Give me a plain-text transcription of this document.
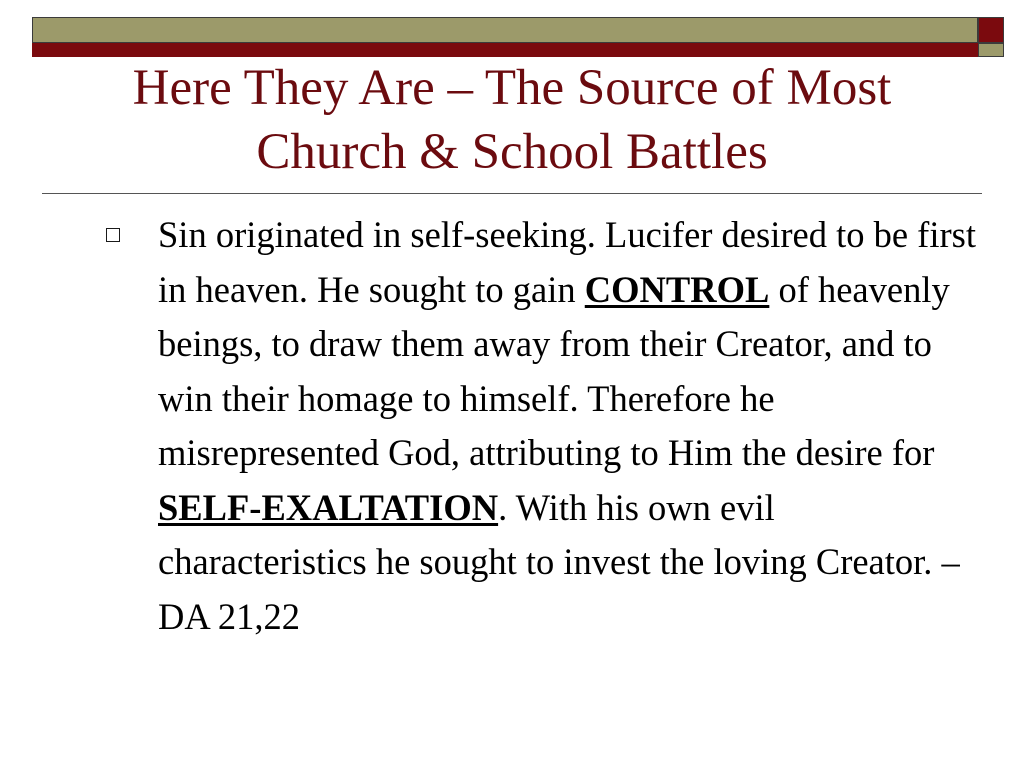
Here They Are – The Source of Most
Church & School Battles
Sin originated in self-seeking. Lucifer desired to be first in heaven. He sought to gain CONTROL of heavenly beings, to draw them away from their Creator, and to win their homage to himself. Therefore he misrepresented God, attributing to Him the desire for SELF-EXALTATION. With his own evil characteristics he sought to invest the loving Creator. –DA 21,22
